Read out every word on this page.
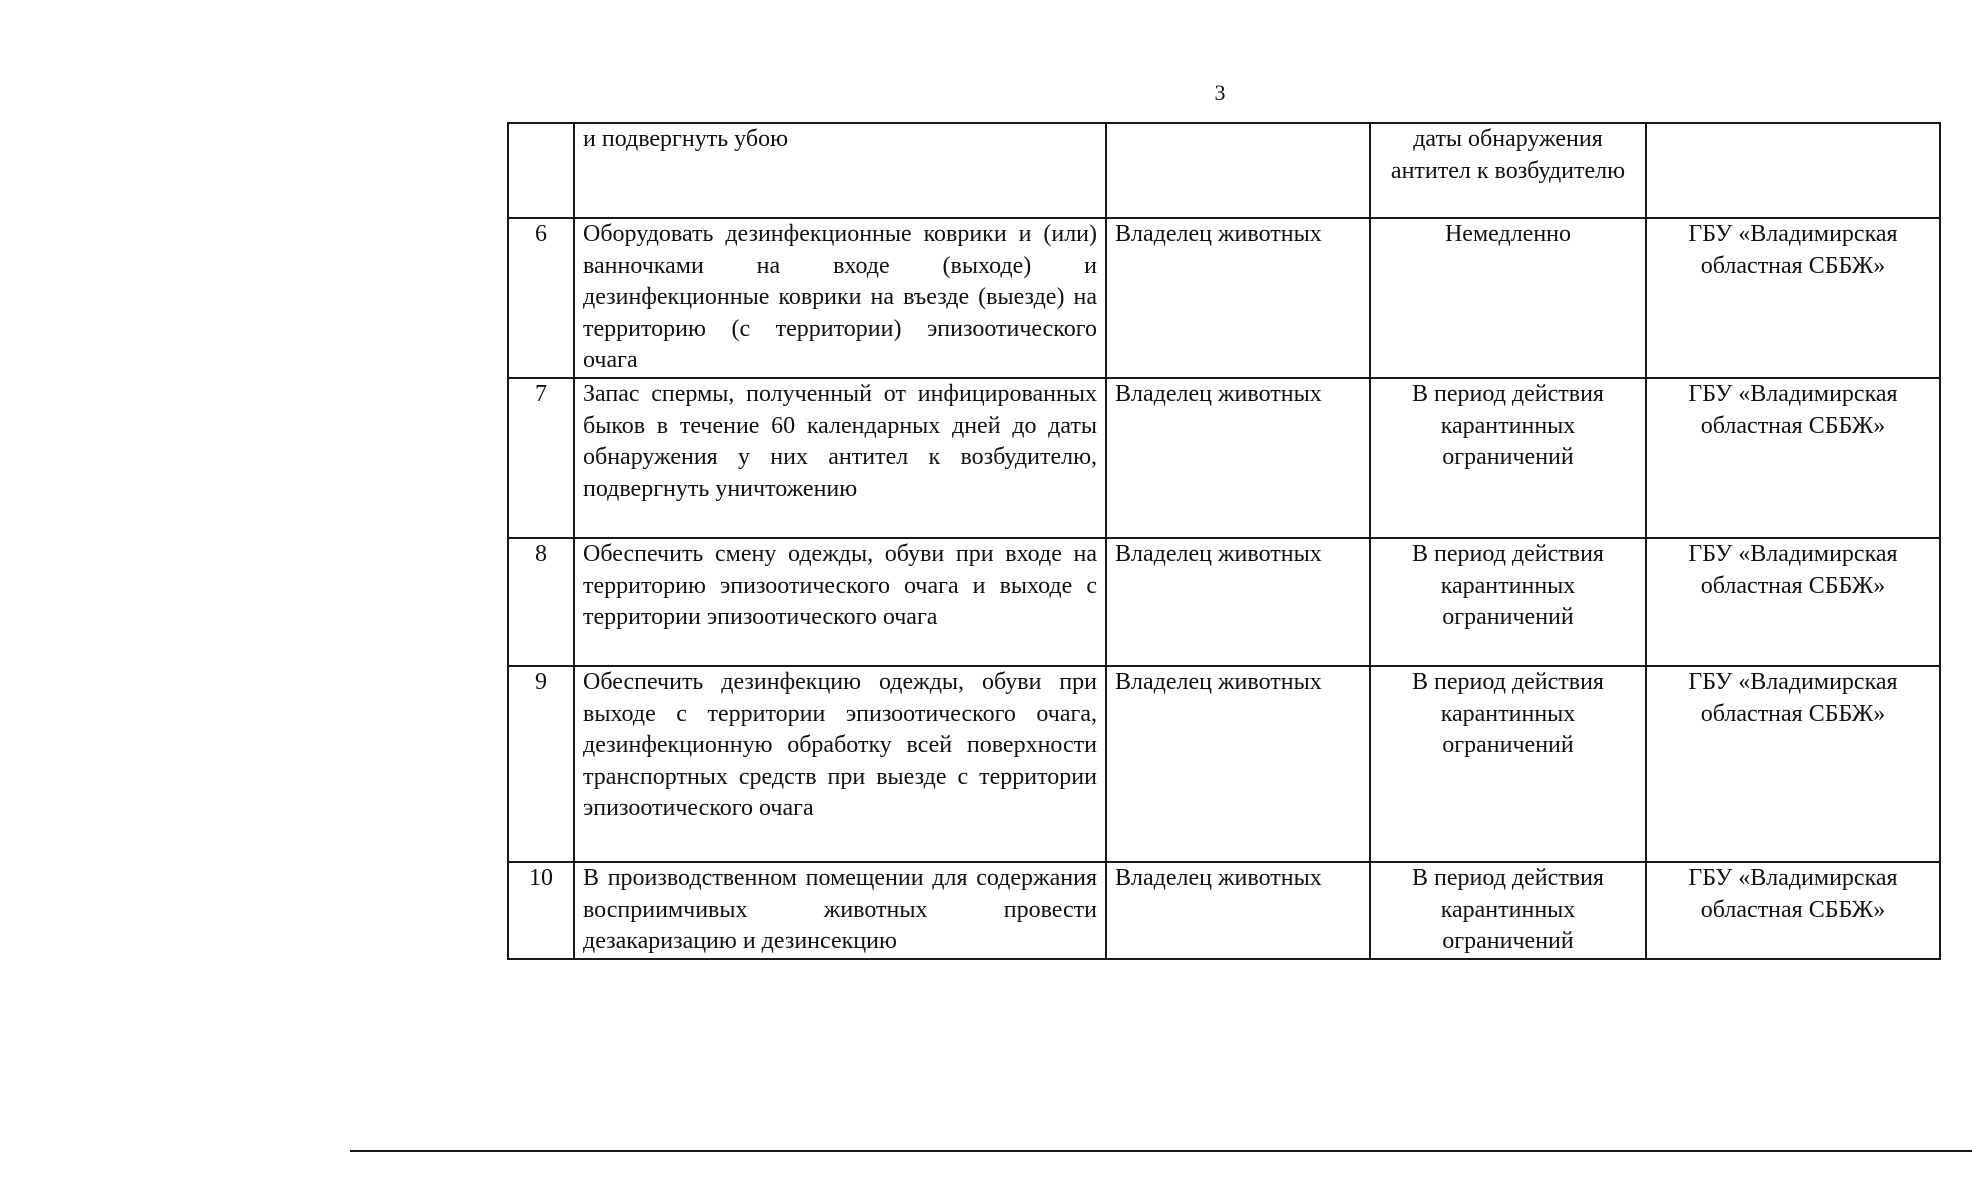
3
	и подвергнуть убою		даты обнаружения антител к возбудителю	
6	Оборудовать дезинфекционные коврики и (или) ванночками на входе (выходе) и дезинфекционные коврики на въезде (выезде) на территорию (с территории) эпизоотического очага	Владелец животных	Немедленно	ГБУ «Владимирская областная СББЖ»
7	Запас спермы, полученный от инфицированных быков в течение 60 календарных дней до даты обнаружения у них антител к возбудителю, подвергнуть уничтожению	Владелец животных	В период действия карантинных ограничений	ГБУ «Владимирская областная СББЖ»
8	Обеспечить смену одежды, обуви при входе на территорию эпизоотического очага и выходе с территории эпизоотического очага	Владелец животных	В период действия карантинных ограничений	ГБУ «Владимирская областная СББЖ»
9	Обеспечить дезинфекцию одежды, обуви при выходе с территории эпизоотического очага, дезинфекционную обработку всей поверхности транспортных средств при выезде с территории эпизоотического очага	Владелец животных	В период действия карантинных ограничений	ГБУ «Владимирская областная СББЖ»
10	В производственном помещении для содержания восприимчивых животных провести дезакаризацию и дезинсекцию	Владелец животных	В период действия карантинных ограничений	ГБУ «Владимирская областная СББЖ»
